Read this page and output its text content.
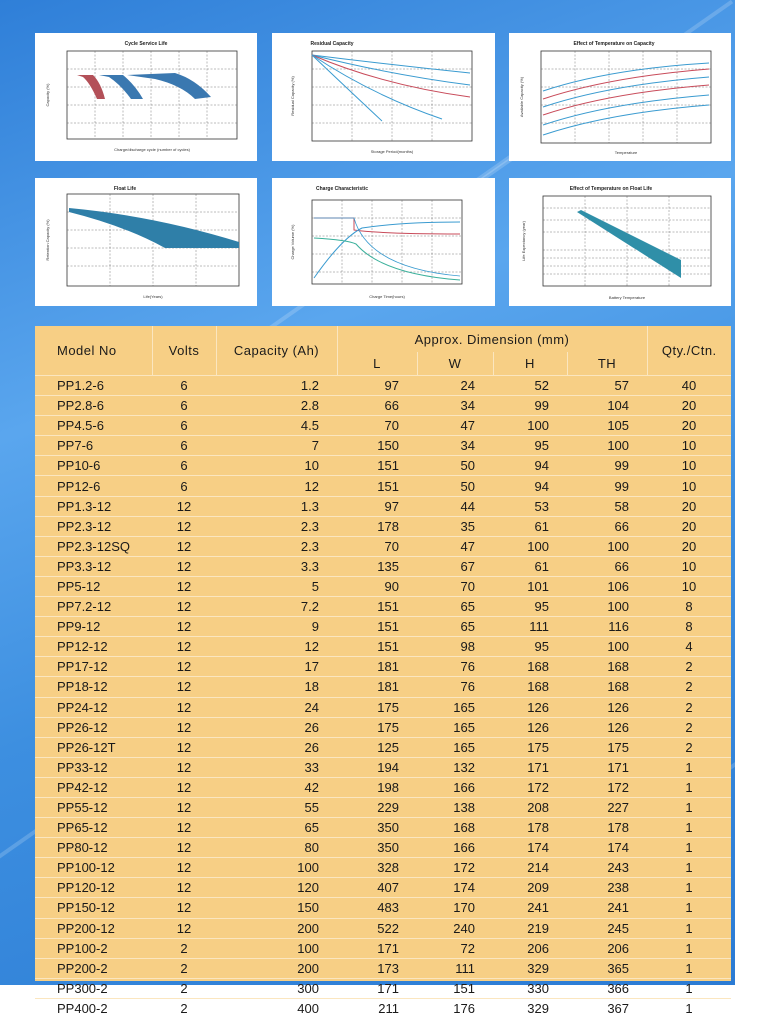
Cycle Service Life
Charge/discharge cycle (number of cycles)
Capacity (%)
Residual Capacity
Storage Period(months)
Residual Capacity (%)
Effect of Temperature on Capacity
Temperature
Available Capacity (%)
Float Life
Life(Years)
Retention Capacity (%)
Charge Characteristic
Charge Time(hours)
Charge Volume (%)
Effect of Temperature on Float Life
Battery Temperature
Life Expectancy (year)
Model No	Volts	Capacity (Ah)	Approx. Dimension (mm)				Qty./Ctn.
			L	W	H	TH	
PP1.2-6	6	1.2	97	24	52	57	40
PP2.8-6	6	2.8	66	34	99	104	20
PP4.5-6	6	4.5	70	47	100	105	20
PP7-6	6	7	150	34	95	100	10
PP10-6	6	10	151	50	94	99	10
PP12-6	6	12	151	50	94	99	10
PP1.3-12	12	1.3	97	44	53	58	20
PP2.3-12	12	2.3	178	35	61	66	20
PP2.3-12SQ	12	2.3	70	47	100	100	20
PP3.3-12	12	3.3	135	67	61	66	10
PP5-12	12	5	90	70	101	106	10
PP7.2-12	12	7.2	151	65	95	100	8
PP9-12	12	9	151	65	111	116	8
PP12-12	12	12	151	98	95	100	4
PP17-12	12	17	181	76	168	168	2
PP18-12	12	18	181	76	168	168	2
PP24-12	12	24	175	165	126	126	2
PP26-12	12	26	175	165	126	126	2
PP26-12T	12	26	125	165	175	175	2
PP33-12	12	33	194	132	171	171	1
PP42-12	12	42	198	166	172	172	1
PP55-12	12	55	229	138	208	227	1
PP65-12	12	65	350	168	178	178	1
PP80-12	12	80	350	166	174	174	1
PP100-12	12	100	328	172	214	243	1
PP120-12	12	120	407	174	209	238	1
PP150-12	12	150	483	170	241	241	1
PP200-12	12	200	522	240	219	245	1
PP100-2	2	100	171	72	206	206	1
PP200-2	2	200	173	111	329	365	1
PP300-2	2	300	171	151	330	366	1
PP400-2	2	400	211	176	329	367	1
